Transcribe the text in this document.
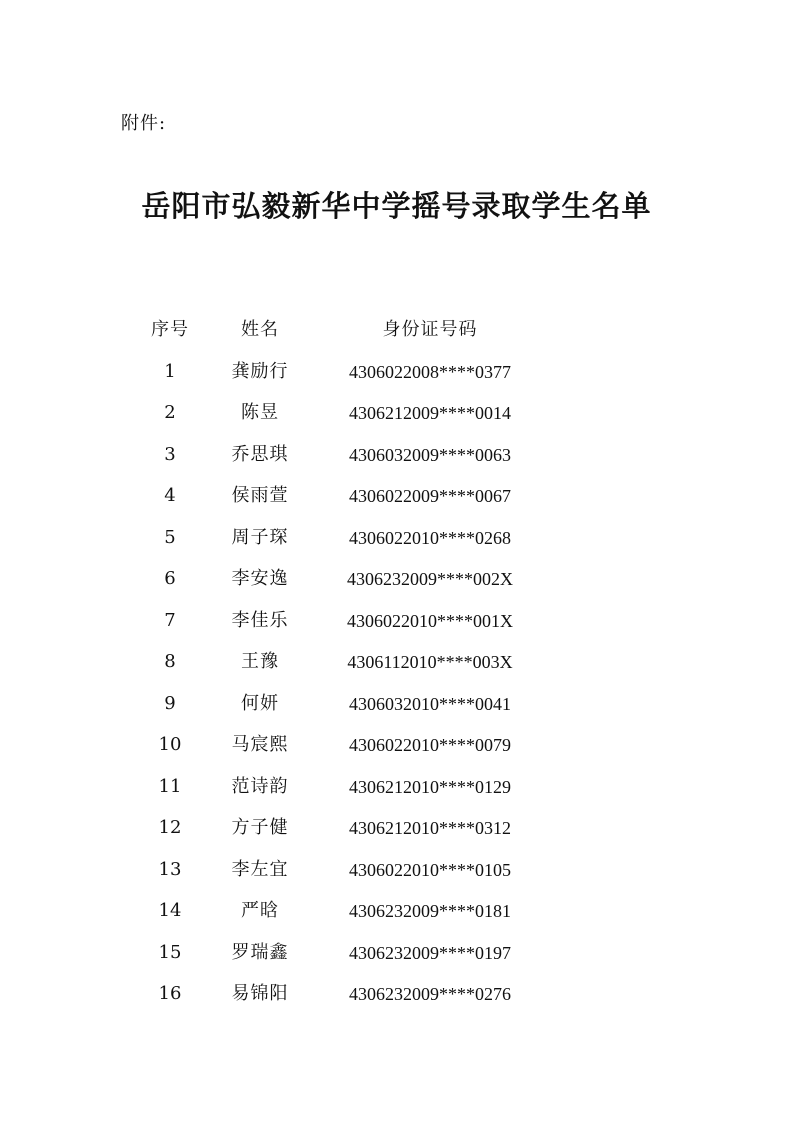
附件:
岳阳市弘毅新华中学摇号录取学生名单
序号	姓名	身份证号码
1	龚励行	4306022008****0377
2	陈昱	4306212009****0014
3	乔思琪	4306032009****0063
4	侯雨萱	4306022009****0067
5	周子琛	4306022010****0268
6	李安逸	4306232009****002X
7	李佳乐	4306022010****001X
8	王豫	4306112010****003X
9	何妍	4306032010****0041
10	马宸熙	4306022010****0079
11	范诗韵	4306212010****0129
12	方子健	4306212010****0312
13	李左宜	4306022010****0105
14	严晗	4306232009****0181
15	罗瑞鑫	4306232009****0197
16	易锦阳	4306232009****0276
